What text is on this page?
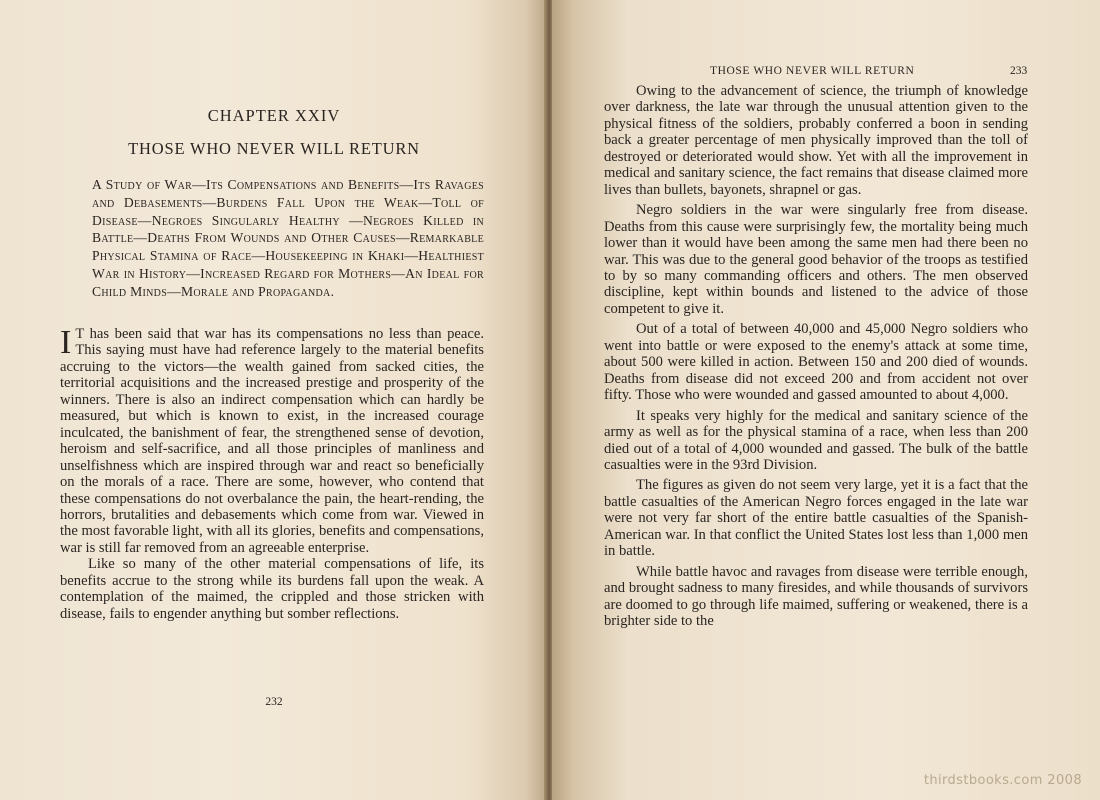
CHAPTER XXIV
THOSE WHO NEVER WILL RETURN
A Study of War—Its Compensations and Benefits—Its Ravages and Debasements—Burdens Fall Upon the Weak—Toll of Disease—Negroes Singularly Healthy —Negroes Killed in Battle—Deaths From Wounds and Other Causes—Remarkable Physical Stamina of Race—Housekeeping in Khaki—Healthiest War in History—Increased Regard for Mothers—An Ideal for Child Minds—Morale and Propaganda.

I T has been said that war has its compensations no less than peace. This saying must have had reference largely to the material benefits accruing to the victors—the wealth gained from sacked cities, the territorial acquisitions and the increased prestige and prosperity of the winners. There is also an indirect compensation which can hardly be measured, but which is known to exist, in the increased courage inculcated, the banishment of fear, the strengthened sense of devotion, heroism and self-sacrifice, and all those principles of manliness and unselfishness which are inspired through war and react so beneficially on the morals of a race. There are some, however, who contend that these compensations do not overbalance the pain, the heart-rending, the horrors, brutalities and debasements which come from war. Viewed in the most favorable light, with all its glories, benefits and compensations, war is still far removed from an agreeable enterprise.

Like so many of the other material compensations of life, its benefits accrue to the strong while its burdens fall upon the weak. A contemplation of the maimed, the crippled and those stricken with disease, fails to engender anything but somber reflections.

232
THOSE WHO NEVER WILL RETURN	233

Owing to the advancement of science, the triumph of knowledge over darkness, the late war through the unusual attention given to the physical fitness of the soldiers, probably conferred a boon in sending back a greater percentage of men physically improved than the toll of destroyed or deteriorated would show. Yet with all the improvement in medical and sanitary science, the fact remains that disease claimed more lives than bullets, bayonets, shrapnel or gas.

Negro soldiers in the war were singularly free from disease. Deaths from this cause were surprisingly few, the mortality being much lower than it would have been among the same men had there been no war. This was due to the general good behavior of the troops as testified to by so many commanding officers and others. The men observed discipline, kept within bounds and listened to the advice of those competent to give it.

Out of a total of between 40,000 and 45,000 Negro soldiers who went into battle or were exposed to the enemy's attack at some time, about 500 were killed in action. Between 150 and 200 died of wounds. Deaths from disease did not exceed 200 and from accident not over fifty. Those who were wounded and gassed amounted to about 4,000.

It speaks very highly for the medical and sanitary science of the army as well as for the physical stamina of a race, when less than 200 died out of a total of 4,000 wounded and gassed. The bulk of the battle casualties were in the 93rd Division.

The figures as given do not seem very large, yet it is a fact that the battle casualties of the American Negro forces engaged in the late war were not very far short of the entire battle casualties of the Spanish-American war. In that conflict the United States lost less than 1,000 men in battle.

While battle havoc and ravages from disease were terrible enough, and brought sadness to many firesides, and while thousands of survivors are doomed to go through life maimed, suffering or weakened, there is a brighter side to the

thirdstbooks.com 2008
